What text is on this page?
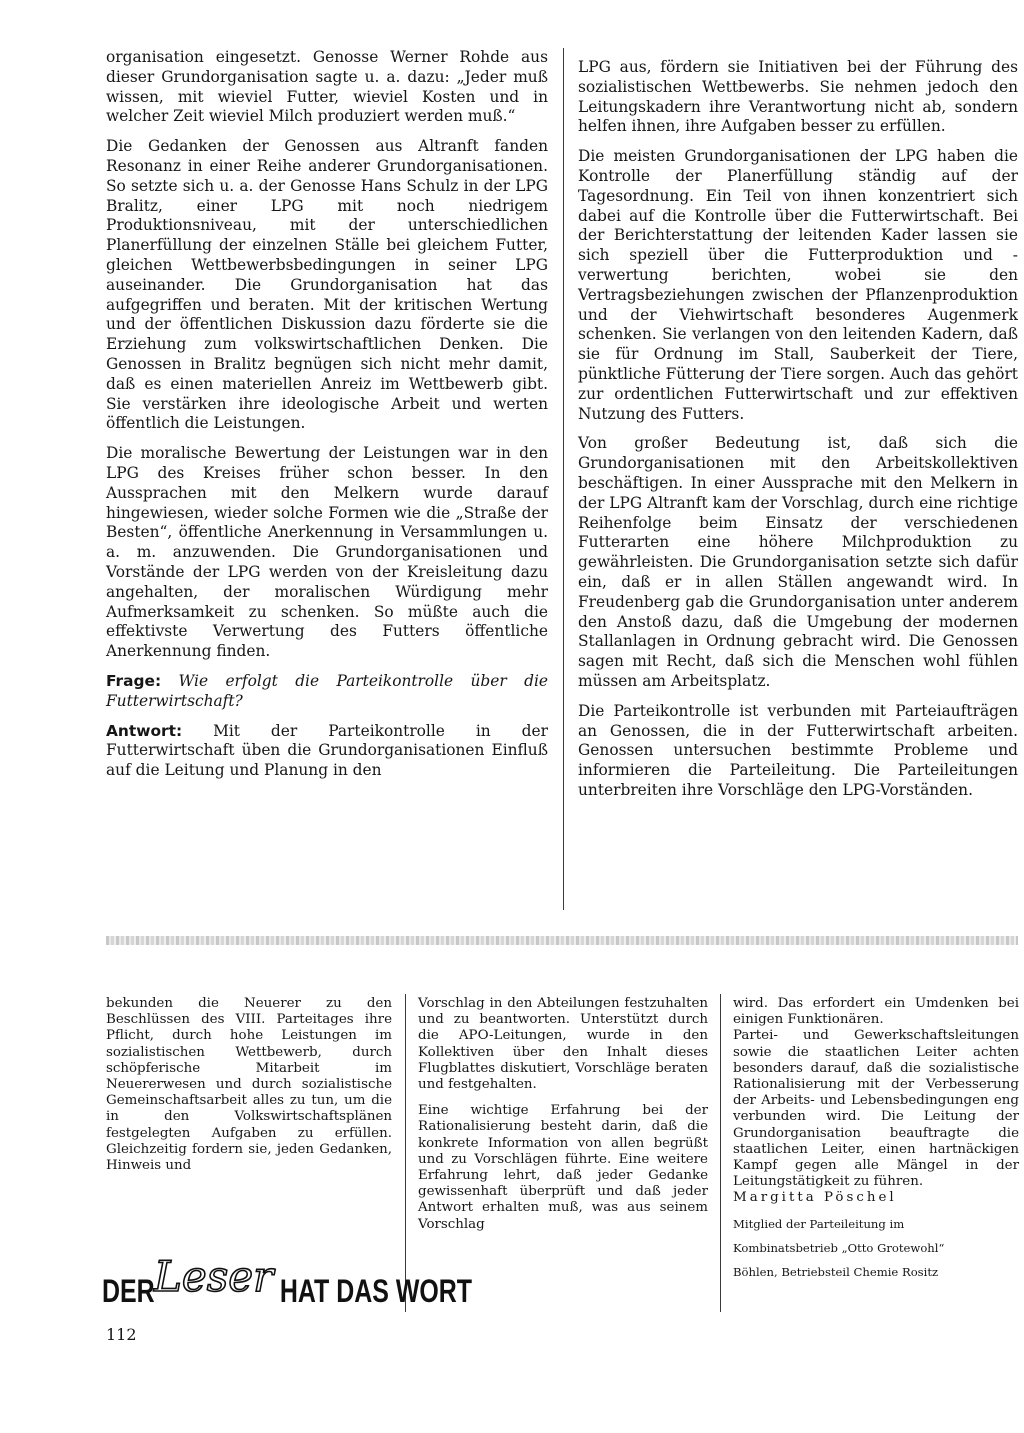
organisation eingesetzt. Genosse Werner Rohde aus dieser Grundorganisation sagte u. a. dazu: „Jeder muß wissen, mit wieviel Futter, wieviel Kosten und in welcher Zeit wieviel Milch produziert werden muß.“

Die Gedanken der Genossen aus Altranft fanden Resonanz in einer Reihe anderer Grundorganisationen. So setzte sich u. a. der Genosse Hans Schulz in der LPG Bralitz, einer LPG mit noch niedrigem Produktionsniveau, mit der unterschiedlichen Planerfüllung der einzelnen Ställe bei gleichem Futter, gleichen Wettbewerbsbedingungen in seiner LPG auseinander. Die Grundorganisation hat das aufgegriffen und beraten. Mit der kritischen Wertung und der öffentlichen Diskussion dazu förderte sie die Erziehung zum volkswirtschaftlichen Denken. Die Genossen in Bralitz begnügen sich nicht mehr damit, daß es einen materiellen Anreiz im Wettbewerb gibt. Sie verstärken ihre ideologische Arbeit und werten öffentlich die Leistungen.

Die moralische Bewertung der Leistungen war in den LPG des Kreises früher schon besser. In den Aussprachen mit den Melkern wurde darauf hingewiesen, wieder solche Formen wie die „Straße der Besten“, öffentliche Anerkennung in Versammlungen u. a. m. anzuwenden. Die Grundorganisationen und Vorstände der LPG werden von der Kreisleitung dazu angehalten, der moralischen Würdigung mehr Aufmerksamkeit zu schenken. So müßte auch die effektivste Verwertung des Futters öffentliche Anerkennung finden.

Frage: Wie erfolgt die Parteikontrolle über die Futterwirtschaft?

Antwort: Mit der Parteikontrolle in der Futterwirtschaft üben die Grundorganisationen Einfluß auf die Leitung und Planung in den

LPG aus, fördern sie Initiativen bei der Führung des sozialistischen Wettbewerbs. Sie nehmen jedoch den Leitungskadern ihre Verantwortung nicht ab, sondern helfen ihnen, ihre Aufgaben besser zu erfüllen.

Die meisten Grundorganisationen der LPG haben die Kontrolle der Planerfüllung ständig auf der Tagesordnung. Ein Teil von ihnen konzentriert sich dabei auf die Kontrolle über die Futterwirtschaft. Bei der Berichterstattung der leitenden Kader lassen sie sich speziell über die Futterproduktion und -verwertung berichten, wobei sie den Vertragsbeziehungen zwischen der Pflanzenproduktion und der Viehwirtschaft besonderes Augenmerk schenken. Sie verlangen von den leitenden Kadern, daß sie für Ordnung im Stall, Sauberkeit der Tiere, pünktliche Fütterung der Tiere sorgen. Auch das gehört zur ordentlichen Futterwirtschaft und zur effektiven Nutzung des Futters.

Von großer Bedeutung ist, daß sich die Grundorganisationen mit den Arbeitskollektiven beschäftigen. In einer Aussprache mit den Melkern in der LPG Altranft kam der Vorschlag, durch eine richtige Reihenfolge beim Einsatz der verschiedenen Futterarten eine höhere Milchproduktion zu gewährleisten. Die Grundorganisation setzte sich dafür ein, daß er in allen Ställen angewandt wird. In Freudenberg gab die Grundorganisation unter anderem den Anstoß dazu, daß die Umgebung der modernen Stallanlagen in Ordnung gebracht wird. Die Genossen sagen mit Recht, daß sich die Menschen wohl fühlen müssen am Arbeitsplatz.

Die Parteikontrolle ist verbunden mit Parteiaufträgen an Genossen, die in der Futterwirtschaft arbeiten. Genossen untersuchen bestimmte Probleme und informieren die Parteileitung. Die Parteileitungen unterbreiten ihre Vorschläge den LPG-Vorständen.

bekunden die Neuerer zu den Beschlüssen des VIII. Parteitages ihre Pflicht, durch hohe Leistungen im sozialistischen Wettbewerb, durch schöpferische Mitarbeit im Neuererwesen und durch sozialistische Gemeinschaftsarbeit alles zu tun, um die in den Volkswirtschaftsplänen festgelegten Aufgaben zu erfüllen. Gleichzeitig fordern sie, jeden Gedanken, Hinweis und

Vorschlag in den Abteilungen festzuhalten und zu beantworten. Unterstützt durch die APO-Leitungen, wurde in den Kollektiven über den Inhalt dieses Flugblattes diskutiert, Vorschläge beraten und festgehalten.

Eine wichtige Erfahrung bei der Rationalisierung besteht darin, daß die konkrete Information von allen begrüßt und zu Vorschlägen führte. Eine weitere Erfahrung lehrt, daß jeder Gedanke gewissenhaft überprüft und daß jeder Antwort erhalten muß, was aus seinem Vorschlag

wird. Das erfordert ein Umdenken bei einigen Funktionären.

Partei- und Gewerkschaftsleitungen sowie die staatlichen Leiter achten besonders darauf, daß die sozialistische Rationalisierung mit der Verbesserung der Arbeits- und Lebensbedingungen eng verbunden wird. Die Leitung der Grundorganisation beauftragte die staatlichen Leiter, einen hartnäckigen Kampf gegen alle Mängel in der Leitungstätigkeit zu führen.

Margitta Pöschel

Mitglied der Parteileitung im

Kombinatsbetrieb „Otto Grotewohl“

Böhlen, Betriebsteil Chemie Rositz

DER Leser HAT DAS WORT
112
